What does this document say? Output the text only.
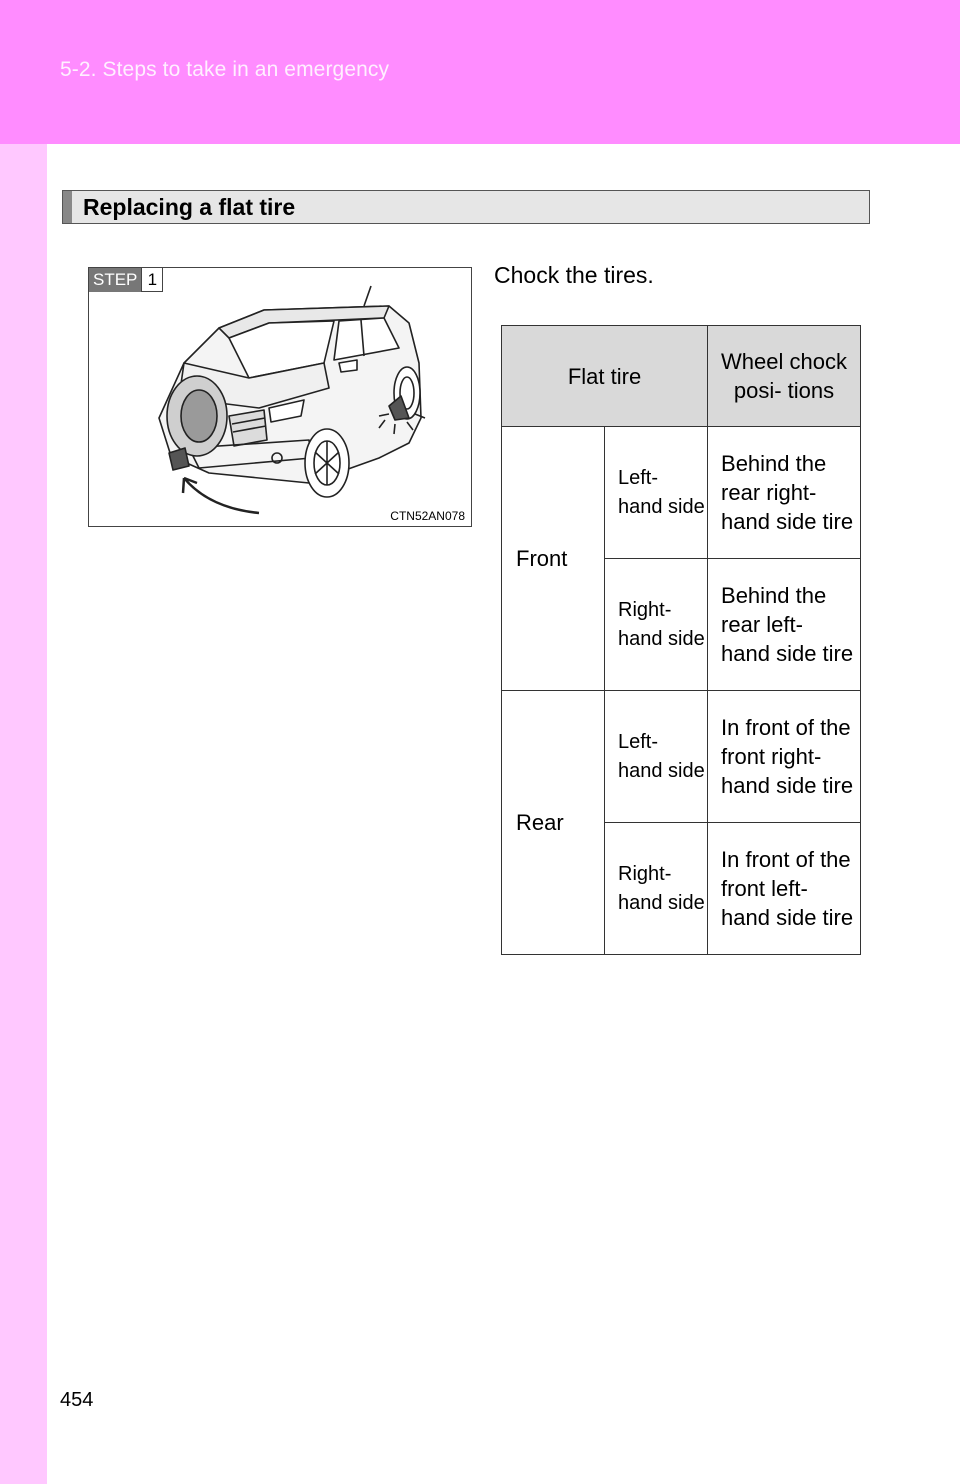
5-2. Steps to take in an emergency
Replacing a flat tire
STEP 1
CTN52AN078
Chock the tires.
Flat tire		Wheel chock posi- tions
Front	Left- hand side	Behind the rear right- hand side tire
	Right- hand side	Behind the rear left- hand side tire
Rear	Left- hand side	In front of the front right-hand side tire
	Right- hand side	In front of the front left-hand side tire
454
